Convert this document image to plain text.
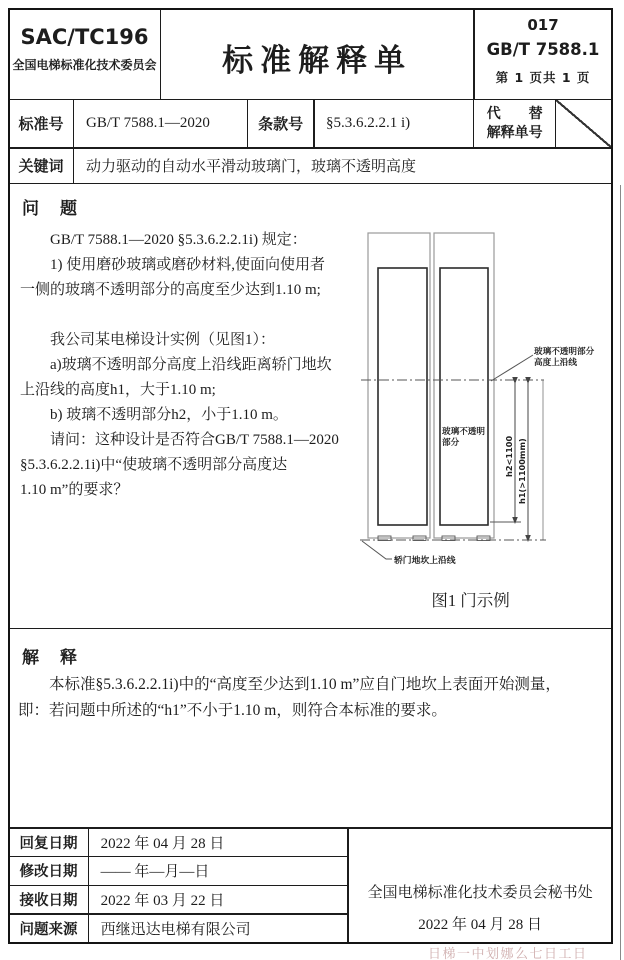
SAC/TC196
全国电梯标准化技术委员会	标准解释单
017
GB/T 7588.1
第 1 页共 1 页
标准号	GB/T 7588.1—2020	条款号	§5.3.6.2.2.1 i)
代　　替
解释单号
关键词	动力驱动的自动水平滑动玻璃门，玻璃不透明高度
问　题
　　GB/T 7588.1—2020 §5.3.6.2.2.1i) 规定：
　　1) 使用磨砂玻璃或磨砂材料,使面向使用者
一侧的玻璃不透明部分的高度至少达到1.10 m;
　　我公司某电梯设计实例（见图1）：
　　a)玻璃不透明部分高度上沿线距离轿门地坎
上沿线的高度h1，大于1.10 m;
　　b) 玻璃不透明部分h2，小于1.10 m。
　　请问：这种设计是否符合GB/T 7588.1—2020
§5.3.6.2.2.1i)中“使玻璃不透明部分高度达
1.10 m”的要求？
玻璃不透明部分
高度上沿线
玻璃不透明
部分	h2<1100 h1(>1100mm)
轿门地坎上沿线
图1 门示例
解　释
　　本标准§5.3.6.2.2.1i)中的“高度至少达到1.10 m”应自门地坎上表面开始测量，
即：若问题中所述的“h1”不小于1.10 m，则符合本标准的要求。
回复日期	2022 年 04 月 28 日
修改日期	—— 年—月—日
接收日期	2022 年 03 月 22 日
问题来源	西继迅达电梯有限公司
全国电梯标准化技术委员会秘书处
2022 年 04 月 28 日
日梯一中划娜么七日工日
